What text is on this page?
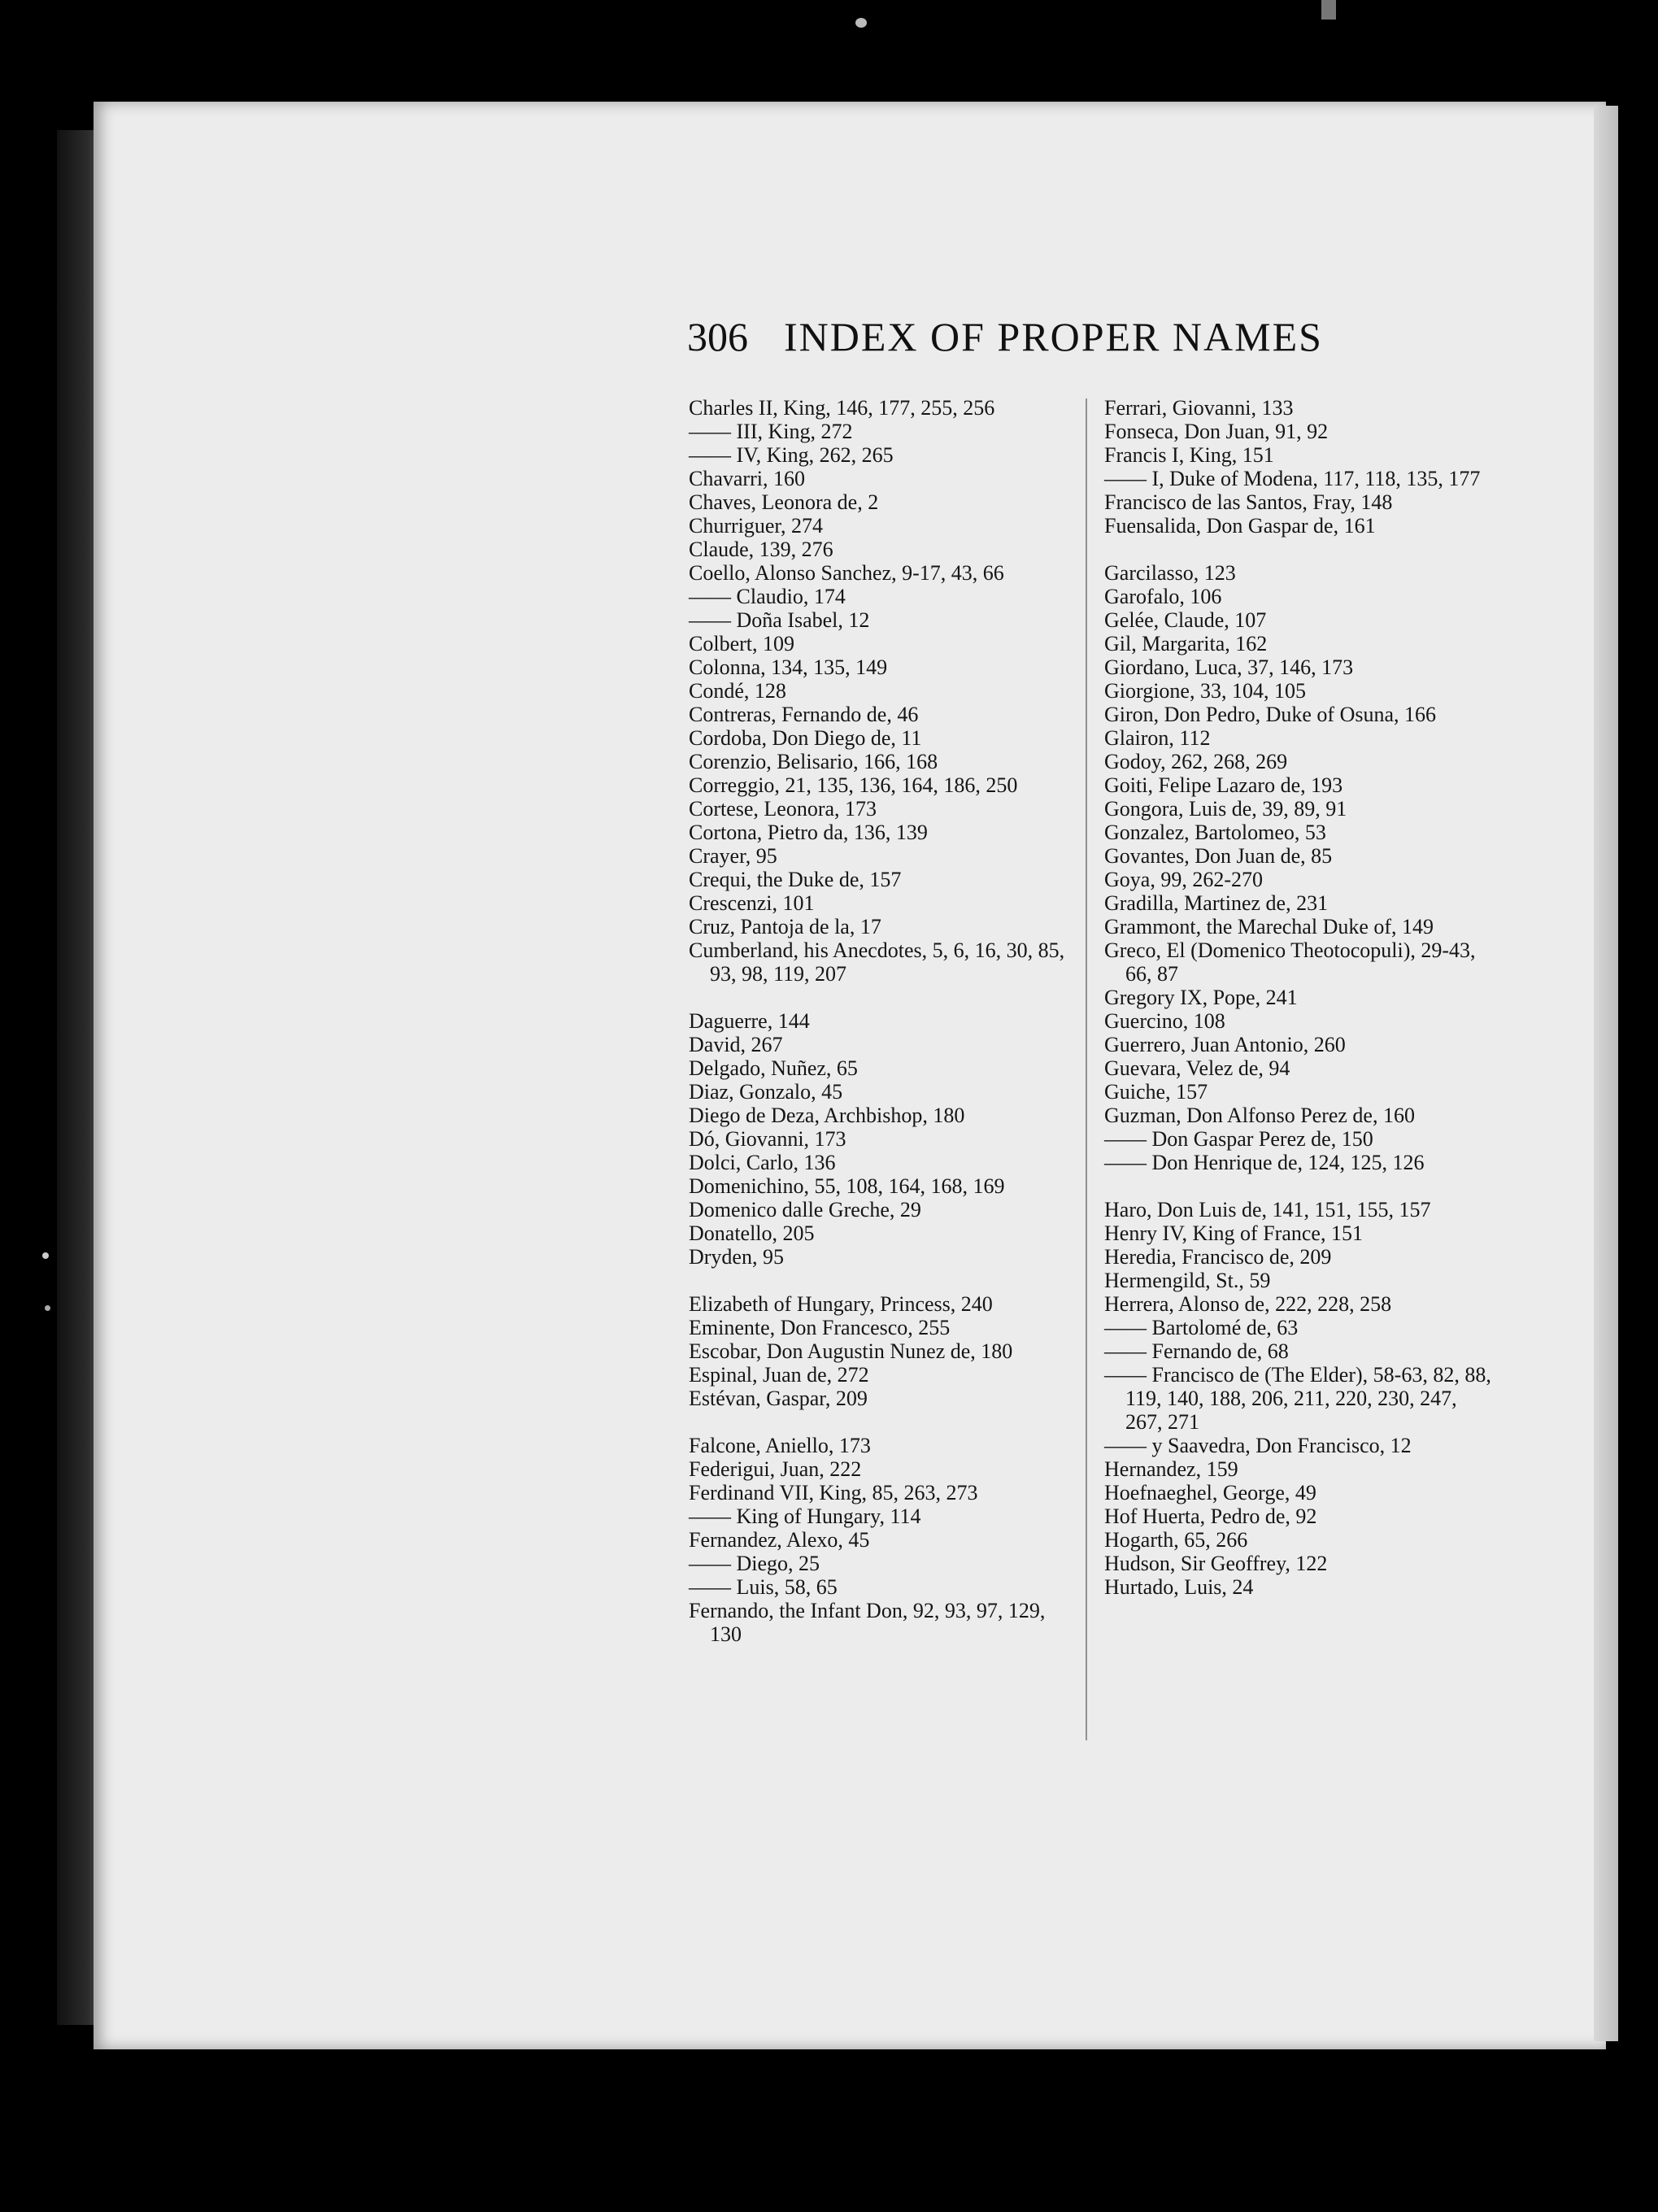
306 INDEX OF PROPER NAMES
Charles II, King, 146, 177, 255, 256
—— III, King, 272
—— IV, King, 262, 265
Chavarri, 160
Chaves, Leonora de, 2
Churriguer, 274
Claude, 139, 276
Coello, Alonso Sanchez, 9-17, 43, 66
—— Claudio, 174
—— Doña Isabel, 12
Colbert, 109
Colonna, 134, 135, 149
Condé, 128
Contreras, Fernando de, 46
Cordoba, Don Diego de, 11
Corenzio, Belisario, 166, 168
Correggio, 21, 135, 136, 164, 186, 250
Cortese, Leonora, 173
Cortona, Pietro da, 136, 139
Crayer, 95
Crequi, the Duke de, 157
Crescenzi, 101
Cruz, Pantoja de la, 17
Cumberland, his Anecdotes, 5, 6, 16, 30, 85, 93, 98, 119, 207
Daguerre, 144
David, 267
Delgado, Nuñez, 65
Diaz, Gonzalo, 45
Diego de Deza, Archbishop, 180
Dó, Giovanni, 173
Dolci, Carlo, 136
Domenichino, 55, 108, 164, 168, 169
Domenico dalle Greche, 29
Donatello, 205
Dryden, 95
Elizabeth of Hungary, Princess, 240
Eminente, Don Francesco, 255
Escobar, Don Augustin Nunez de, 180
Espinal, Juan de, 272
Estévan, Gaspar, 209
Falcone, Aniello, 173
Federigui, Juan, 222
Ferdinand VII, King, 85, 263, 273
—— King of Hungary, 114
Fernandez, Alexo, 45
—— Diego, 25
—— Luis, 58, 65
Fernando, the Infant Don, 92, 93, 97, 129, 130
Ferrari, Giovanni, 133
Fonseca, Don Juan, 91, 92
Francis I, King, 151
—— I, Duke of Modena, 117, 118, 135, 177
Francisco de las Santos, Fray, 148
Fuensalida, Don Gaspar de, 161
Garcilasso, 123
Garofalo, 106
Gelée, Claude, 107
Gil, Margarita, 162
Giordano, Luca, 37, 146, 173
Giorgione, 33, 104, 105
Giron, Don Pedro, Duke of Osuna, 166
Glairon, 112
Godoy, 262, 268, 269
Goiti, Felipe Lazaro de, 193
Gongora, Luis de, 39, 89, 91
Gonzalez, Bartolomeo, 53
Govantes, Don Juan de, 85
Goya, 99, 262-270
Gradilla, Martinez de, 231
Grammont, the Marechal Duke of, 149
Greco, El (Domenico Theotocopuli), 29-43, 66, 87
Gregory IX, Pope, 241
Guercino, 108
Guerrero, Juan Antonio, 260
Guevara, Velez de, 94
Guiche, 157
Guzman, Don Alfonso Perez de, 160
—— Don Gaspar Perez de, 150
—— Don Henrique de, 124, 125, 126
Haro, Don Luis de, 141, 151, 155, 157
Henry IV, King of France, 151
Heredia, Francisco de, 209
Hermengild, St., 59
Herrera, Alonso de, 222, 228, 258
—— Bartolomé de, 63
—— Fernando de, 68
—— Francisco de (The Elder), 58-63, 82, 88, 119, 140, 188, 206, 211, 220, 230, 247, 267, 271
—— y Saavedra, Don Francisco, 12
Hernandez, 159
Hoefnaeghel, George, 49
Hof Huerta, Pedro de, 92
Hogarth, 65, 266
Hudson, Sir Geoffrey, 122
Hurtado, Luis, 24
